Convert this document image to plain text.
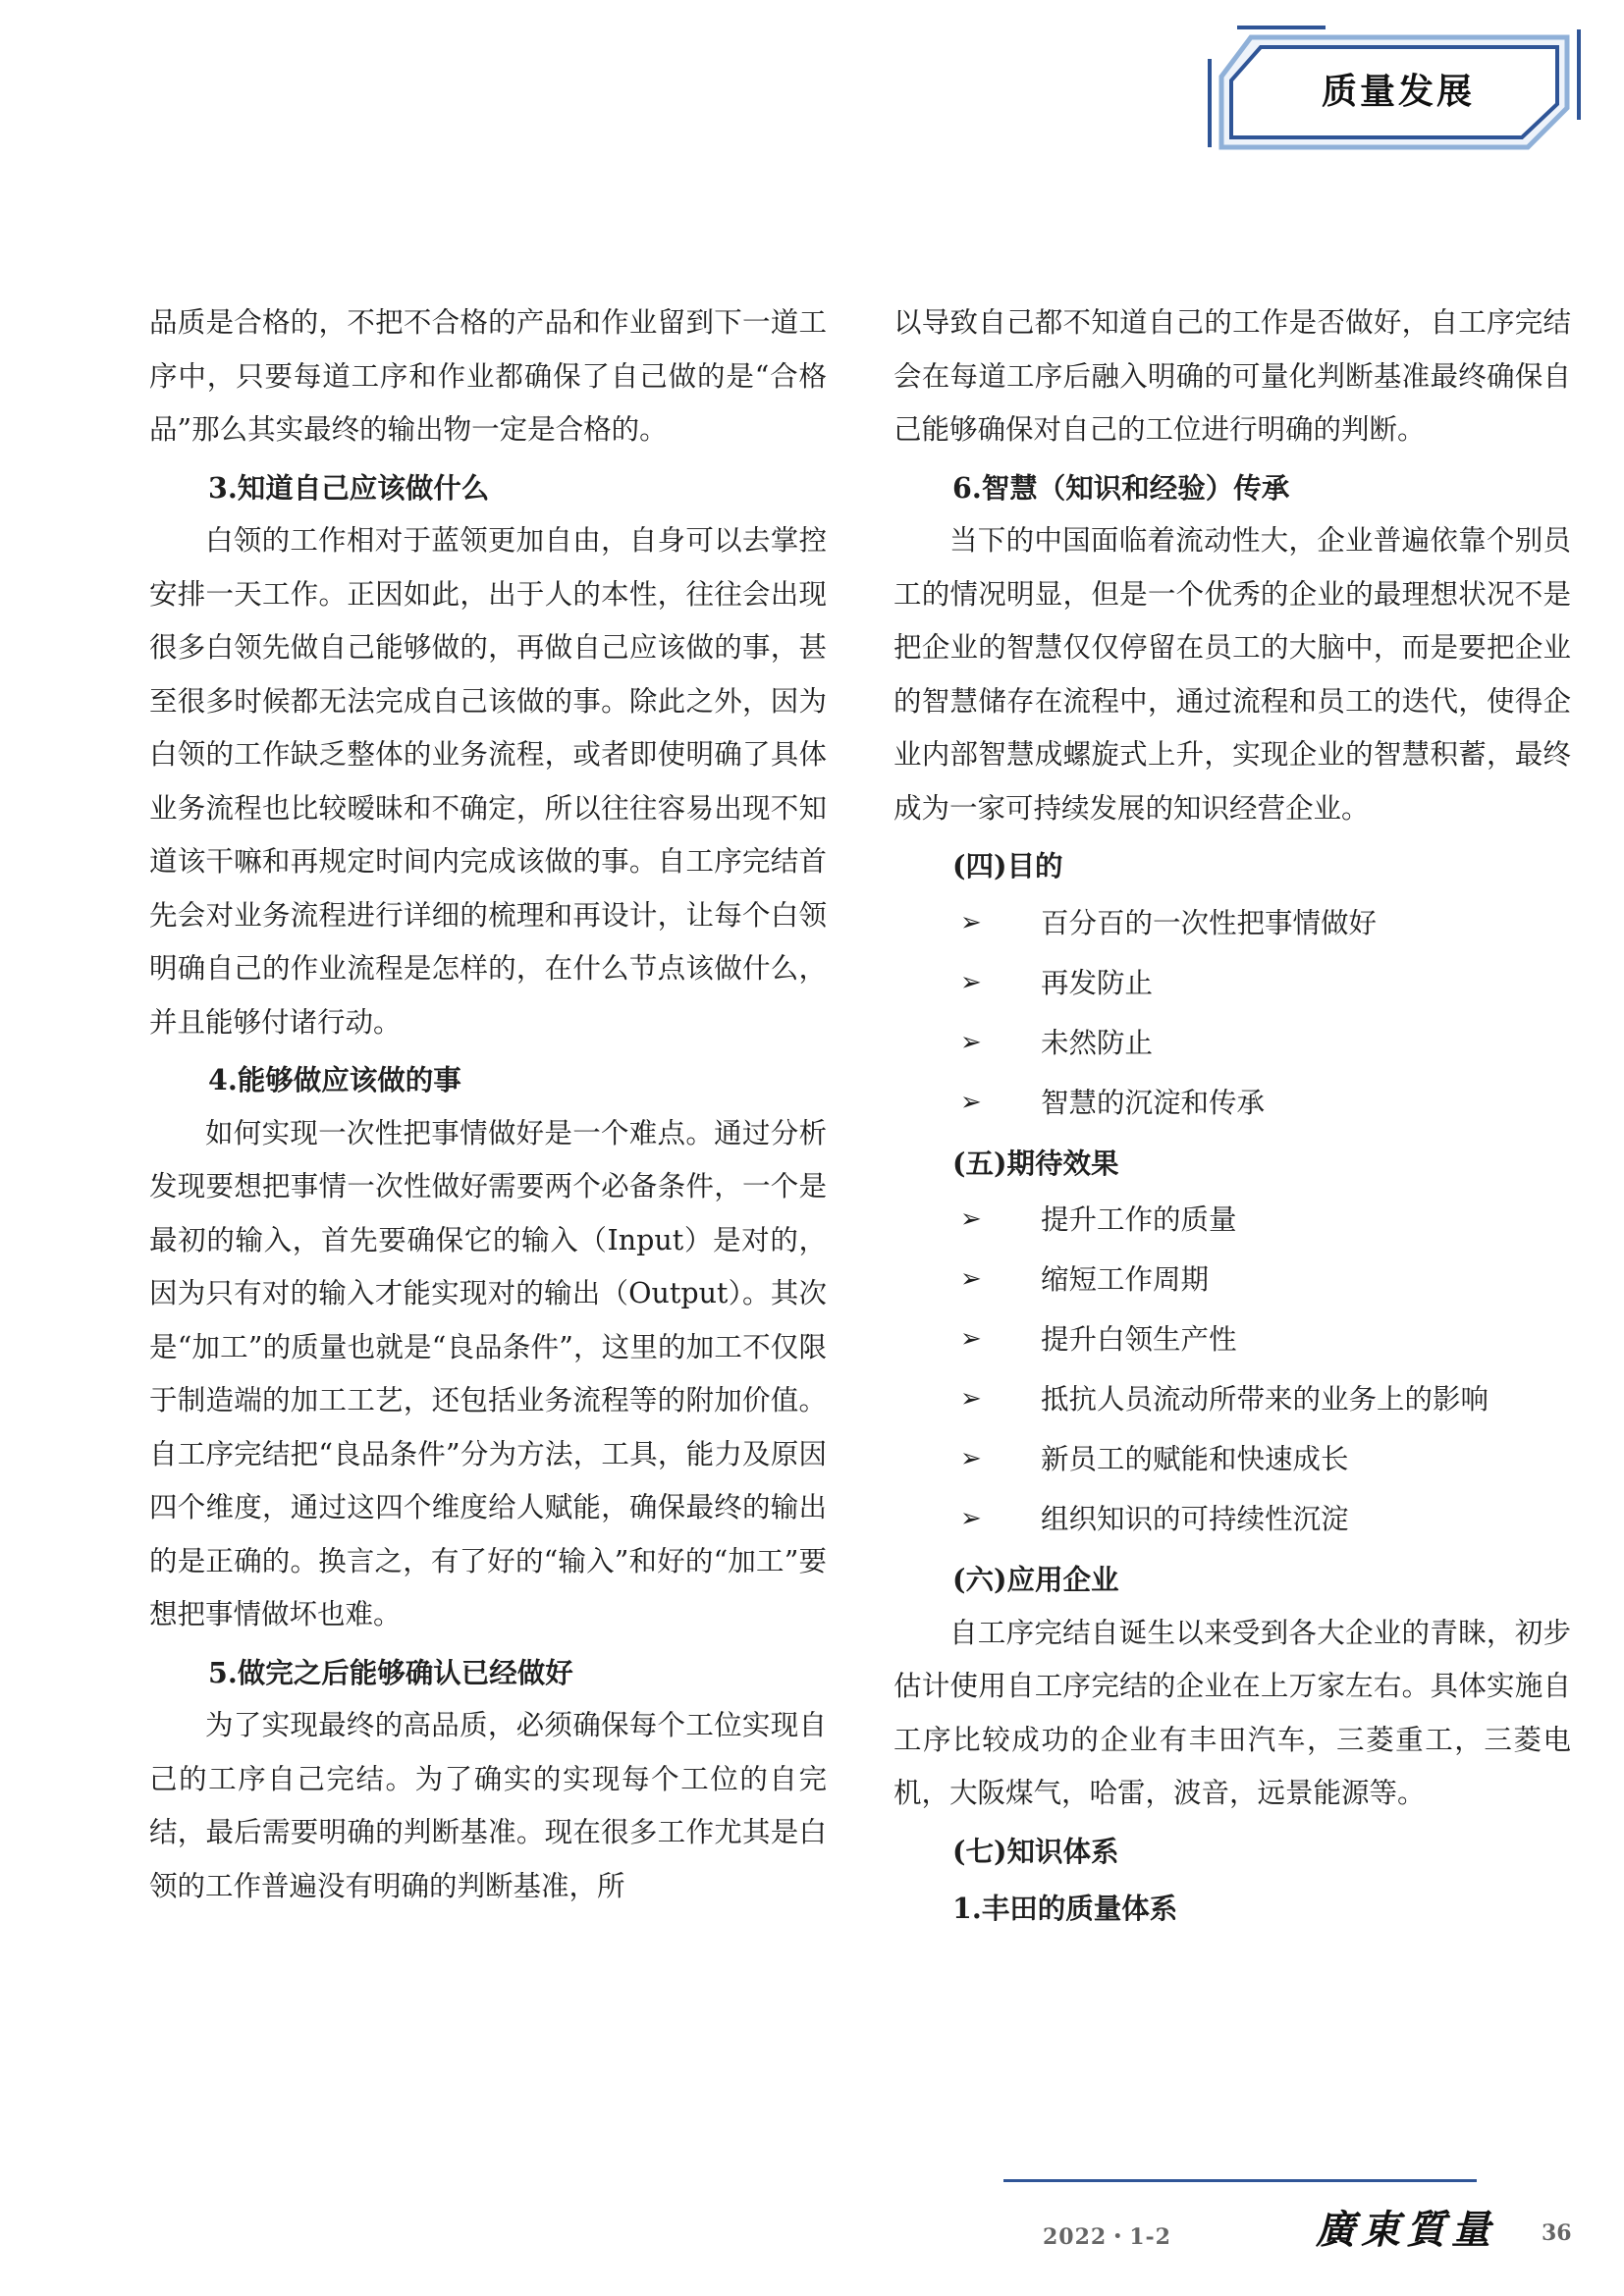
质量发展

品质是合格的，不把不合格的产品和作业留到下一道工序中，只要每道工序和作业都确保了自己做的是“合格品”那么其实最终的输出物一定是合格的。

3.知道自己应该做什么

白领的工作相对于蓝领更加自由，自身可以去掌控安排一天工作。正因如此，出于人的本性，往往会出现很多白领先做自己能够做的，再做自己应该做的事，甚至很多时候都无法完成自己该做的事。除此之外，因为白领的工作缺乏整体的业务流程，或者即使明确了具体业务流程也比较暧昧和不确定，所以往往容易出现不知道该干嘛和再规定时间内完成该做的事。自工序完结首先会对业务流程进行详细的梳理和再设计，让每个白领明确自己的作业流程是怎样的，在什么节点该做什么，并且能够付诸行动。

4.能够做应该做的事

如何实现一次性把事情做好是一个难点。通过分析发现要想把事情一次性做好需要两个必备条件，一个是最初的输入，首先要确保它的输入（Input）是对的，因为只有对的输入才能实现对的输出（Output）。其次是“加工”的质量也就是“良品条件”，这里的加工不仅限于制造端的加工工艺，还包括业务流程等的附加价值。自工序完结把“良品条件”分为方法，工具，能力及原因四个维度，通过这四个维度给人赋能，确保最终的输出的是正确的。换言之，有了好的“输入”和好的“加工”要想把事情做坏也难。

5.做完之后能够确认已经做好

为了实现最终的高品质，必须确保每个工位实现自己的工序自己完结。为了确实的实现每个工位的自完结，最后需要明确的判断基准。现在很多工作尤其是白领的工作普遍没有明确的判断基准，所

以导致自己都不知道自己的工作是否做好，自工序完结会在每道工序后融入明确的可量化判断基准最终确保自己能够确保对自己的工位进行明确的判断。

6.智慧（知识和经验）传承

当下的中国面临着流动性大，企业普遍依靠个别员工的情况明显，但是一个优秀的企业的最理想状况不是把企业的智慧仅仅停留在员工的大脑中，而是要把企业的智慧储存在流程中，通过流程和员工的迭代，使得企业内部智慧成螺旋式上升，实现企业的智慧积蓄，最终成为一家可持续发展的知识经营企业。

(四)目的

➢ 百分百的一次性把事情做好
➢ 再发防止
➢ 未然防止
➢ 智慧的沉淀和传承

(五)期待效果

➢ 提升工作的质量
➢ 缩短工作周期
➢ 提升白领生产性
➢ 抵抗人员流动所带来的业务上的影响
➢ 新员工的赋能和快速成长
➢ 组织知识的可持续性沉淀

(六)应用企业

自工序完结自诞生以来受到各大企业的青睐，初步估计使用自工序完结的企业在上万家左右。具体实施自工序比较成功的企业有丰田汽车，三菱重工，三菱电机，大阪煤气，哈雷，波音，远景能源等。

(七)知识体系

1.丰田的质量体系

2022・1-2	廣東質量 36
